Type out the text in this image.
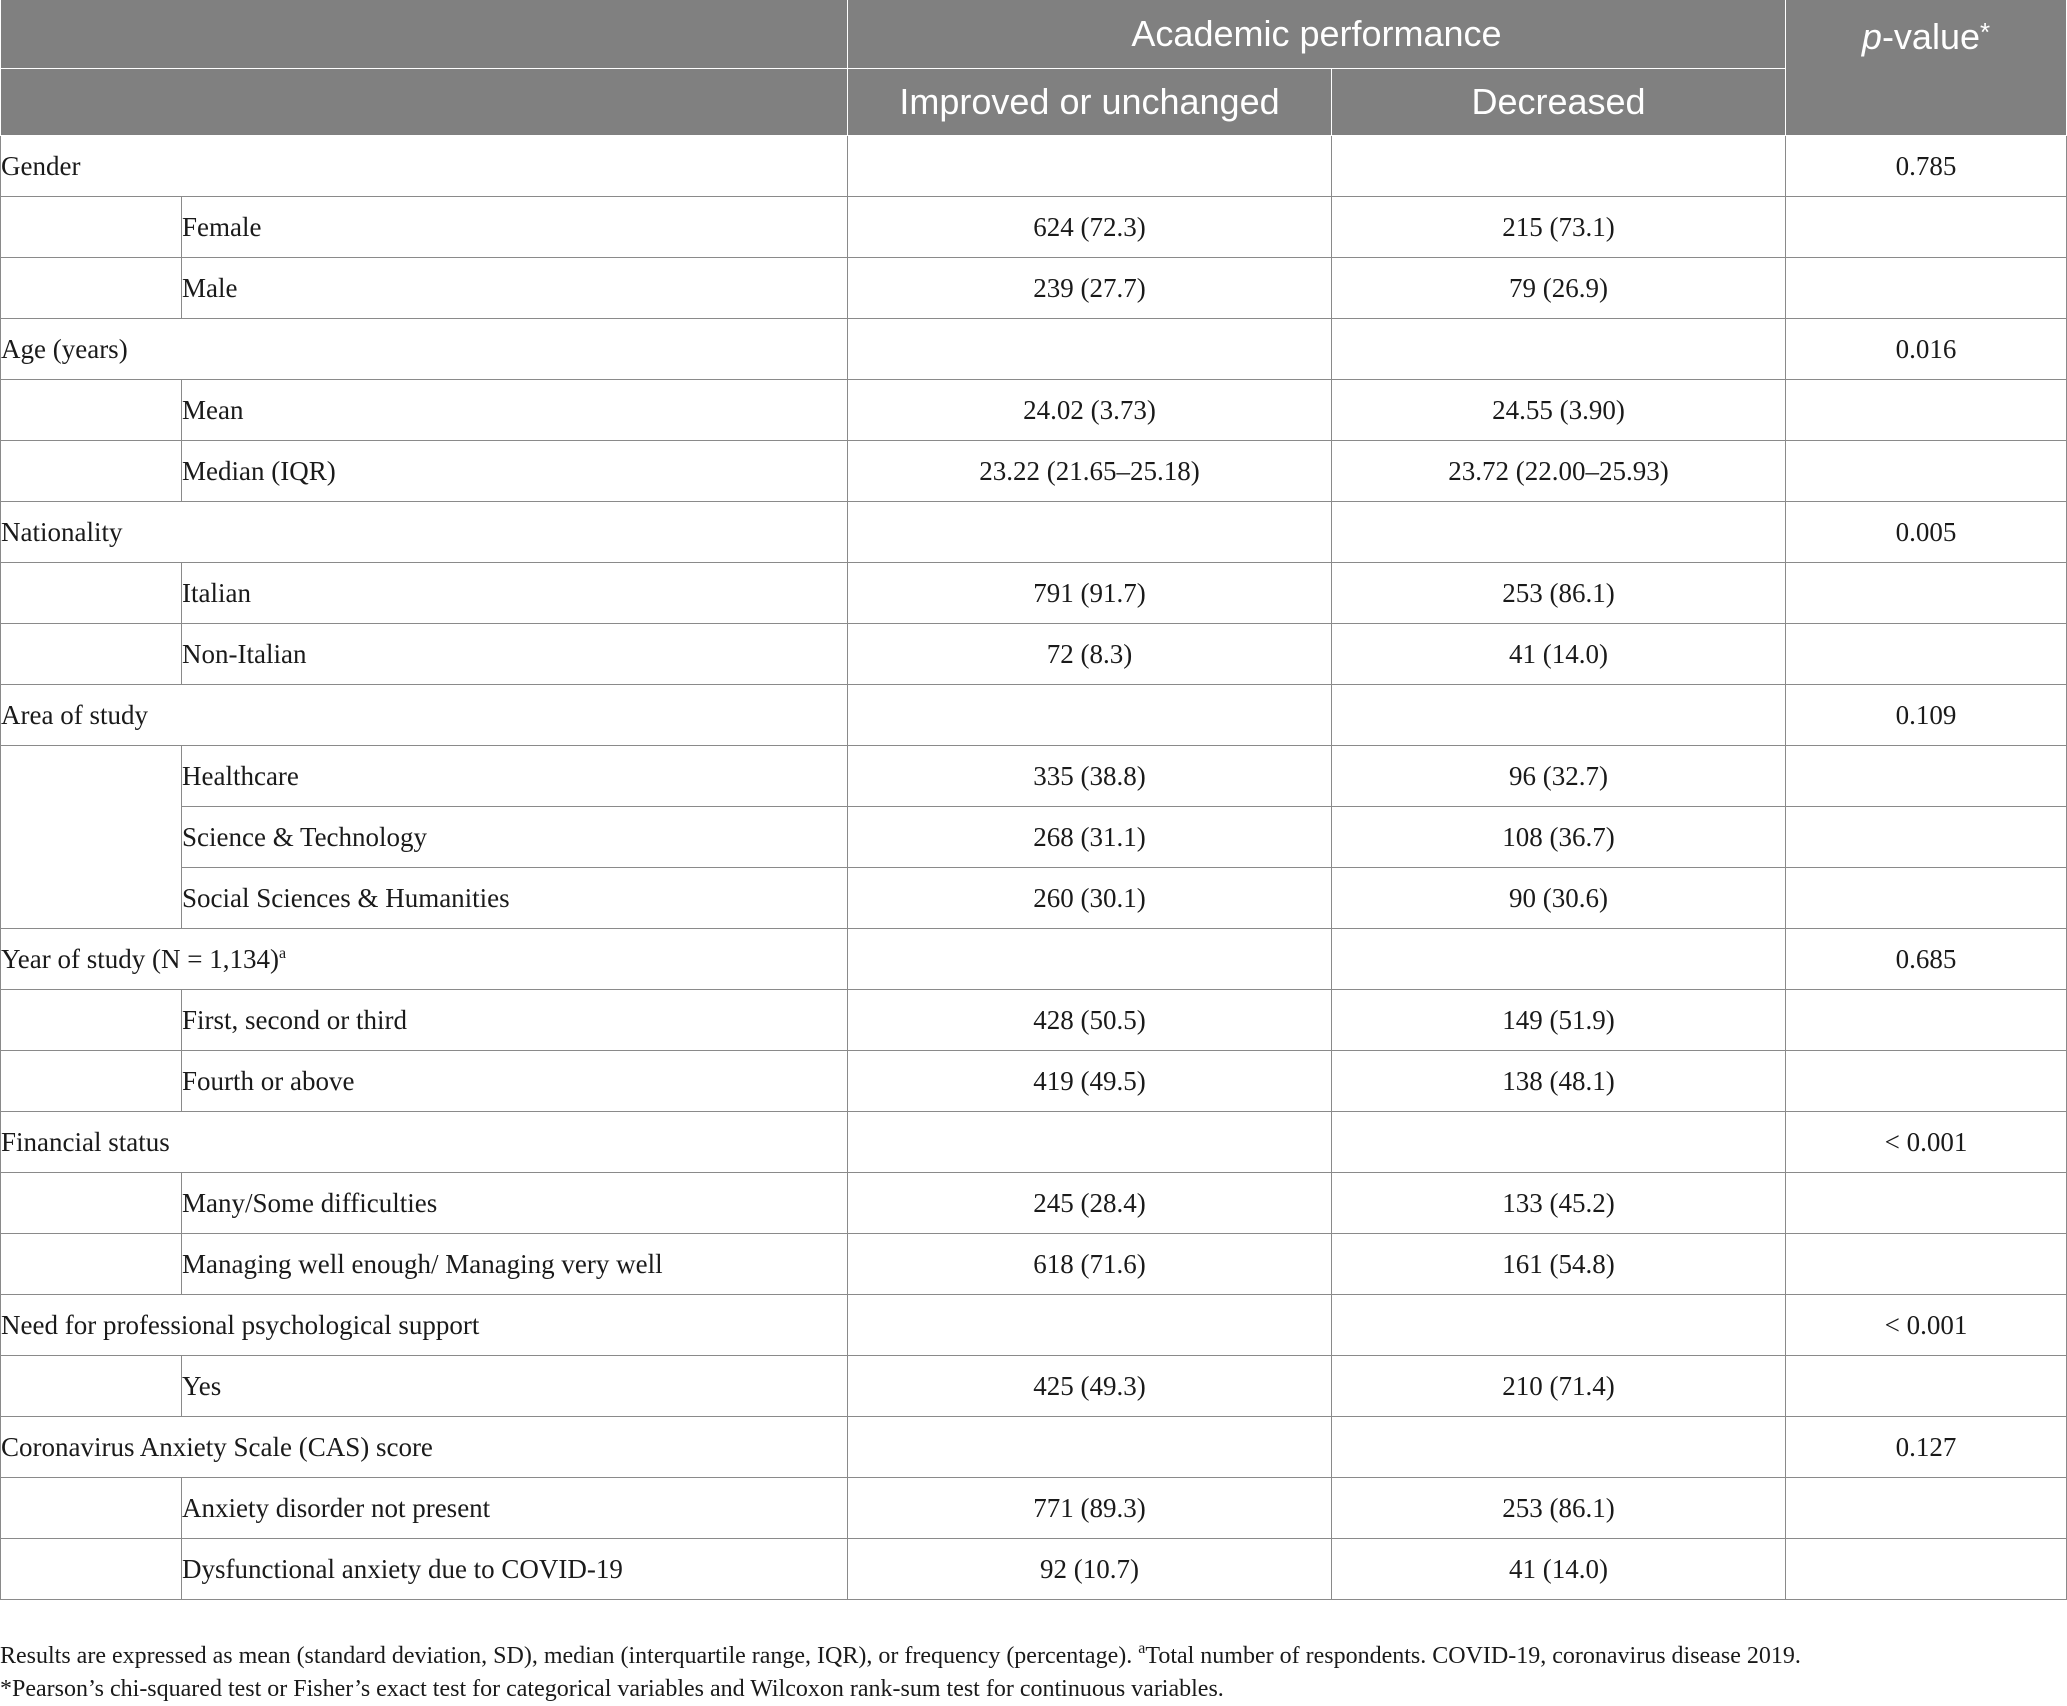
		Academic performance		p-value*
		Improved or unchanged	Decreased	
Gender				0.785
	Female	624 (72.3)	215 (73.1)	
	Male	239 (27.7)	79 (26.9)	
Age (years)				0.016
	Mean	24.02 (3.73)	24.55 (3.90)	
	Median (IQR)	23.22 (21.65–25.18)	23.72 (22.00–25.93)	
Nationality				0.005
	Italian	791 (91.7)	253 (86.1)	
	Non-Italian	72 (8.3)	41 (14.0)	
Area of study				0.109
	Healthcare	335 (38.8)	96 (32.7)	
	Science & Technology	268 (31.1)	108 (36.7)	
	Social Sciences & Humanities	260 (30.1)	90 (30.6)	
Year of study (N = 1,134)$^a$				0.685
	First, second or third	428 (50.5)	149 (51.9)	
	Fourth or above	419 (49.5)	138 (48.1)	
Financial status				< 0.001
	Many/Some difficulties	245 (28.4)	133 (45.2)	
	Managing well enough/ Managing very well	618 (71.6)	161 (54.8)	
Need for professional psychological support				< 0.001
	Yes	425 (49.3)	210 (71.4)	
Coronavirus Anxiety Scale (CAS) score				0.127
	Anxiety disorder not present	771 (89.3)	253 (86.1)	
	Dysfunctional anxiety due to COVID-19	92 (10.7)	41 (14.0)	

Results are expressed as mean (standard deviation, SD), median (interquartile range, IQR), or frequency (percentage). $^a$Total number of respondents. COVID-19, coronavirus disease 2019.

*Pearson’s chi-squared test or Fisher’s exact test for categorical variables and Wilcoxon rank-sum test for continuous variables.
